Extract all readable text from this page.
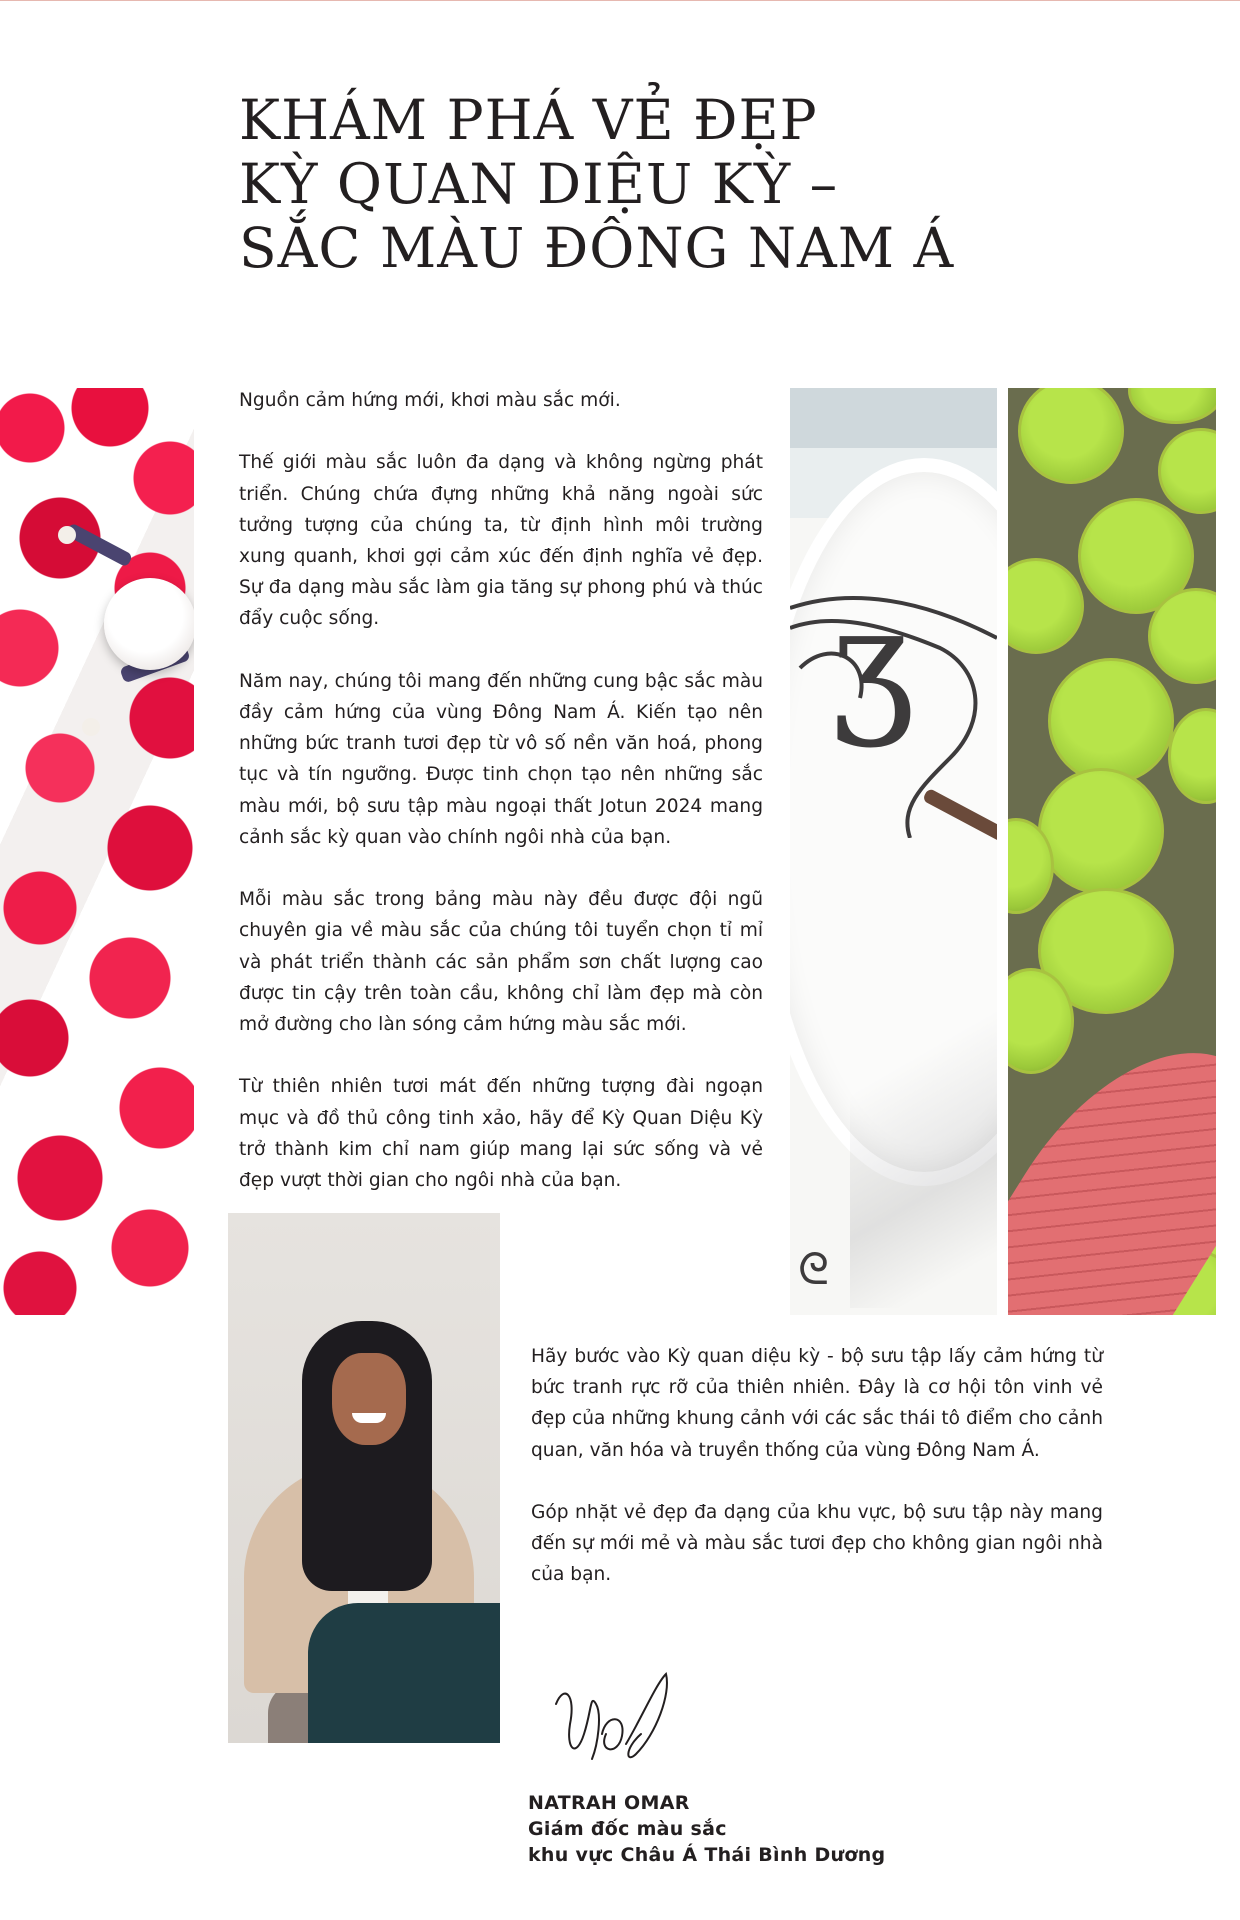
KHÁM PHÁ VẺ ĐẸP
KỲ QUAN DIỆU KỲ –
SẮC MÀU ĐÔNG NAM Á

Nguồn cảm hứng mới, khơi màu sắc mới.

Thế giới màu sắc luôn đa dạng và không ngừng phát triển. Chúng chứa đựng những khả năng ngoài sức tưởng tượng của chúng ta, từ định hình môi trường xung quanh, khơi gợi cảm xúc đến định nghĩa vẻ đẹp. Sự đa dạng màu sắc làm gia tăng sự phong phú và thúc đẩy cuộc sống.

Năm nay, chúng tôi mang đến những cung bậc sắc màu đầy cảm hứng của vùng Đông Nam Á. Kiến tạo nên những bức tranh tươi đẹp từ vô số nền văn hoá, phong tục và tín ngưỡng. Được tinh chọn tạo nên những sắc màu mới, bộ sưu tập màu ngoại thất Jotun 2024 mang cảnh sắc kỳ quan vào chính ngôi nhà của bạn.

Mỗi màu sắc trong bảng màu này đều được đội ngũ chuyên gia về màu sắc của chúng tôi tuyển chọn tỉ mỉ và phát triển thành các sản phẩm sơn chất lượng cao được tin cậy trên toàn cầu, không chỉ làm đẹp mà còn mở đường cho làn sóng cảm hứng màu sắc mới.

Từ thiên nhiên tươi mát đến những tượng đài ngoạn mục và đồ thủ công tinh xảo, hãy để Kỳ Quan Diệu Kỳ trở thành kim chỉ nam giúp mang lại sức sống và vẻ đẹp vượt thời gian cho ngôi nhà của bạn.

ʒ
ᘓ

Hãy bước vào Kỳ quan diệu kỳ - bộ sưu tập lấy cảm hứng từ bức tranh rực rỡ của thiên nhiên. Đây là cơ hội tôn vinh vẻ đẹp của những khung cảnh với các sắc thái tô điểm cho cảnh quan, văn hóa và truyền thống của vùng Đông Nam Á.

Góp nhặt vẻ đẹp đa dạng của khu vực, bộ sưu tập này mang đến sự mới mẻ và màu sắc tươi đẹp cho không gian ngôi nhà của bạn.

NATRAH OMAR
Giám đốc màu sắc
khu vực Châu Á Thái Bình Dương
